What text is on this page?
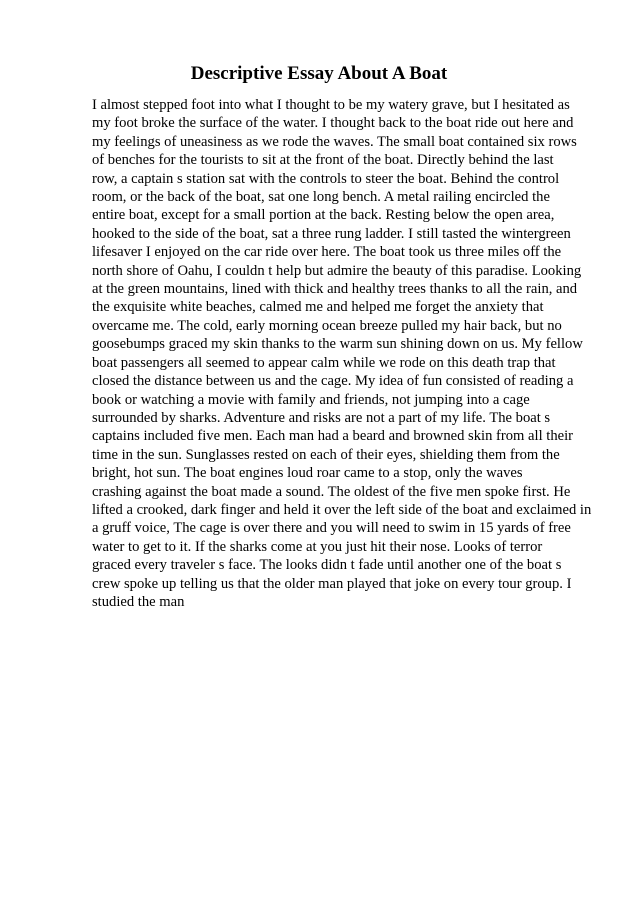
Descriptive Essay About A Boat
I almost stepped foot into what I thought to be my watery grave, but I hesitated as
my foot broke the surface of the water. I thought back to the boat ride out here and
my feelings of uneasiness as we rode the waves. The small boat contained six rows
of benches for the tourists to sit at the front of the boat. Directly behind the last
row, a captain s station sat with the controls to steer the boat. Behind the control
room, or the back of the boat, sat one long bench. A metal railing encircled the
entire boat, except for a small portion at the back. Resting below the open area,
hooked to the side of the boat, sat a three rung ladder. I still tasted the wintergreen
lifesaver I enjoyed on the car ride over here. The boat took us three miles off the
north shore of Oahu, I couldn t help but admire the beauty of this paradise. Looking
at the green mountains, lined with thick and healthy trees thanks to all the rain, and
the exquisite white beaches, calmed me and helped me forget the anxiety that
overcame me. The cold, early morning ocean breeze pulled my hair back, but no
goosebumps graced my skin thanks to the warm sun shining down on us. My fellow
boat passengers all seemed to appear calm while we rode on this death trap that
closed the distance between us and the cage. My idea of fun consisted of reading a
book or watching a movie with family and friends, not jumping into a cage
surrounded by sharks. Adventure and risks are not a part of my life. The boat s
captains included five men. Each man had a beard and browned skin from all their
time in the sun. Sunglasses rested on each of their eyes, shielding them from the
bright, hot sun. The boat engines loud roar came to a stop, only the waves
crashing against the boat made a sound. The oldest of the five men spoke first. He
lifted a crooked, dark finger and held it over the left side of the boat and exclaimed in
a gruff voice, The cage is over there and you will need to swim in 15 yards of free
water to get to it. If the sharks come at you just hit their nose. Looks of terror
graced every traveler s face. The looks didn t fade until another one of the boat s
crew spoke up telling us that the older man played that joke on every tour group. I
studied the man
